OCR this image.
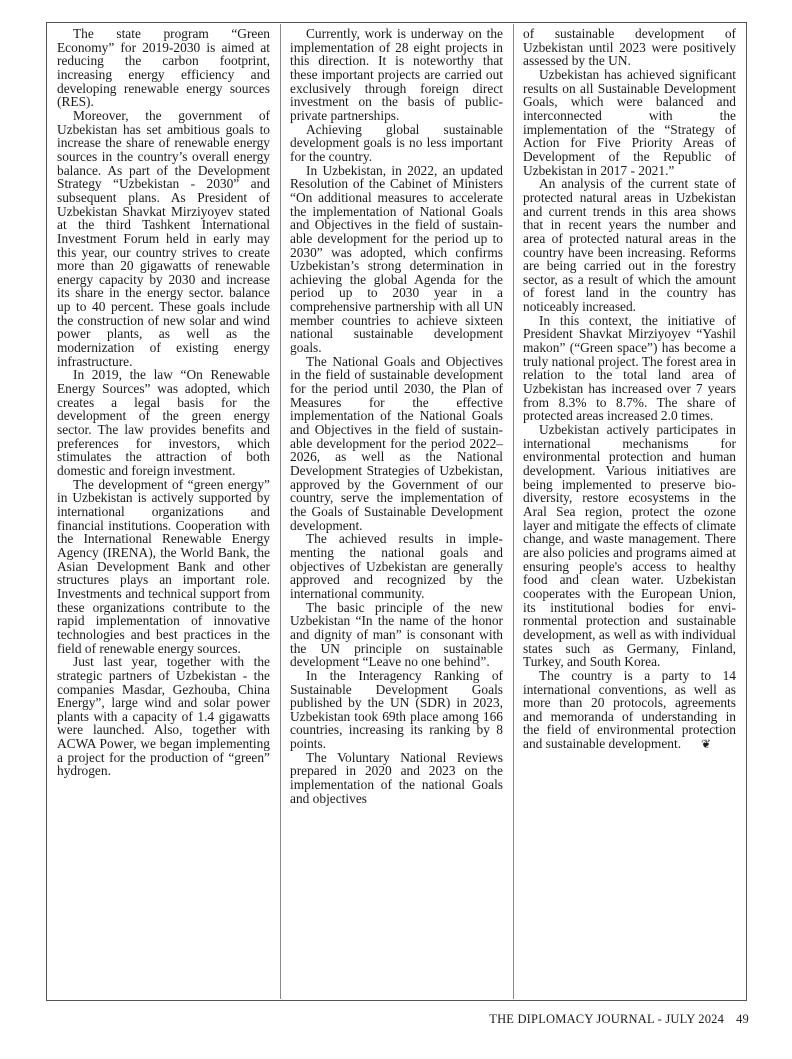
The state program “Green Economy” for 2019-2030 is aimed at reducing the carbon footprint, increasing energy efficiency and developing renewable energy sources (RES).

Moreover, the government of Uzbekistan has set ambitious goals to increase the share of renewable energy sources in the country’s overall energy balance. As part of the Development Strategy “Uzbekistan - 2030” and subsequent plans. As President of Uzbekistan Shavkat Mirziyoyev stated at the third Tashkent International Investment Forum held in early may this year, our country strives to create more than 20 gigawatts of renewable energy capacity by 2030 and increase its share in the energy sector. balance up to 40 percent. These goals include the construction of new solar and wind power plants, as well as the modernization of existing energy infrastructure.

In 2019, the law “On Renewable Energy Sources” was adopted, which creates a legal basis for the development of the green energy sector. The law provides benefits and preferences for investors, which stimulates the attraction of both domestic and foreign investment.

The development of “green energy” in Uzbekistan is actively supported by international organizations and financial institutions. Cooperation with the International Renewable Energy Agency (IRENA), the World Bank, the Asian Development Bank and other structures plays an important role. Investments and technical support from these organizations contribute to the rapid implementation of innovative technologies and best practices in the field of renewable energy sources.

Just last year, together with the strategic partners of Uzbekistan - the companies Masdar, Gezhouba, China Energy”, large wind and solar power plants with a capacity of 1.4 gigawatts were launched. Also, together with ACWA Power, we began implementing a project for the production of “green” hydrogen.

Currently, work is underway on the implementation of 28 eight projects in this direction. It is noteworthy that these important projects are carried out exclusively through foreign direct investment on the basis of public-private partnerships.

Achieving global sustainable development goals is no less important for the country.

In Uzbekistan, in 2022, an updated Resolution of the Cabinet of Ministers “On additional measures to accelerate the implementation of National Goals and Objectives in the field of sustainable development for the period up to 2030” was adopted, which confirms Uzbekistan’s strong determination in achieving the global Agenda for the period up to 2030 year in a comprehensive partnership with all UN member countries to achieve sixteen national sustainable development goals.

The National Goals and Objectives in the field of sustainable development for the period until 2030, the Plan of Measures for the effective implementation of the National Goals and Objectives in the field of sustainable development for the period 2022–2026, as well as the National Development Strategies of Uzbekistan, approved by the Government of our country, serve the implementation of the Goals of Sustainable Development development.

The achieved results in implementing the national goals and objectives of Uzbekistan are generally approved and recognized by the international community.

The basic principle of the new Uzbekistan “In the name of the honor and dignity of man” is consonant with the UN principle on sustainable development “Leave no one behind”.

In the Interagency Ranking of Sustainable Development Goals published by the UN (SDR) in 2023, Uzbekistan took 69th place among 166 countries, increasing its ranking by 8 points.

The Voluntary National Reviews prepared in 2020 and 2023 on the implementation of the national Goals and objectives

of sustainable development of Uzbekistan until 2023 were positively assessed by the UN.

Uzbekistan has achieved significant results on all Sustainable Development Goals, which were balanced and interconnected with the implementation of the “Strategy of Action for Five Priority Areas of Development of the Republic of Uzbekistan in 2017 - 2021.”

An analysis of the current state of protected natural areas in Uzbekistan and current trends in this area shows that in recent years the number and area of protected natural areas in the country have been increasing. Reforms are being carried out in the forestry sector, as a result of which the amount of forest land in the country has noticeably increased.

In this context, the initiative of President Shavkat Mirziyoyev “Yashil makon” (“Green space”) has become a truly national project. The forest area in relation to the total land area of Uzbekistan has increased over 7 years from 8.3% to 8.7%. The share of protected areas increased 2.0 times.

Uzbekistan actively participates in international mechanisms for environmental protection and human development. Various initiatives are being implemented to preserve biodiversity, restore ecosystems in the Aral Sea region, protect the ozone layer and mitigate the effects of climate change, and waste management. There are also policies and programs aimed at ensuring people's access to healthy food and clean water. Uzbekistan cooperates with the European Union, its institutional bodies for environmental protection and sustainable development, as well as with individual states such as Germany, Finland, Turkey, and South Korea.

The country is a party to 14 international conventions, as well as more than 20 protocols, agreements and memoranda of understanding in the field of environmental protection and sustainable development. ❦

THE DIPLOMACY JOURNAL - JULY 2024 49
